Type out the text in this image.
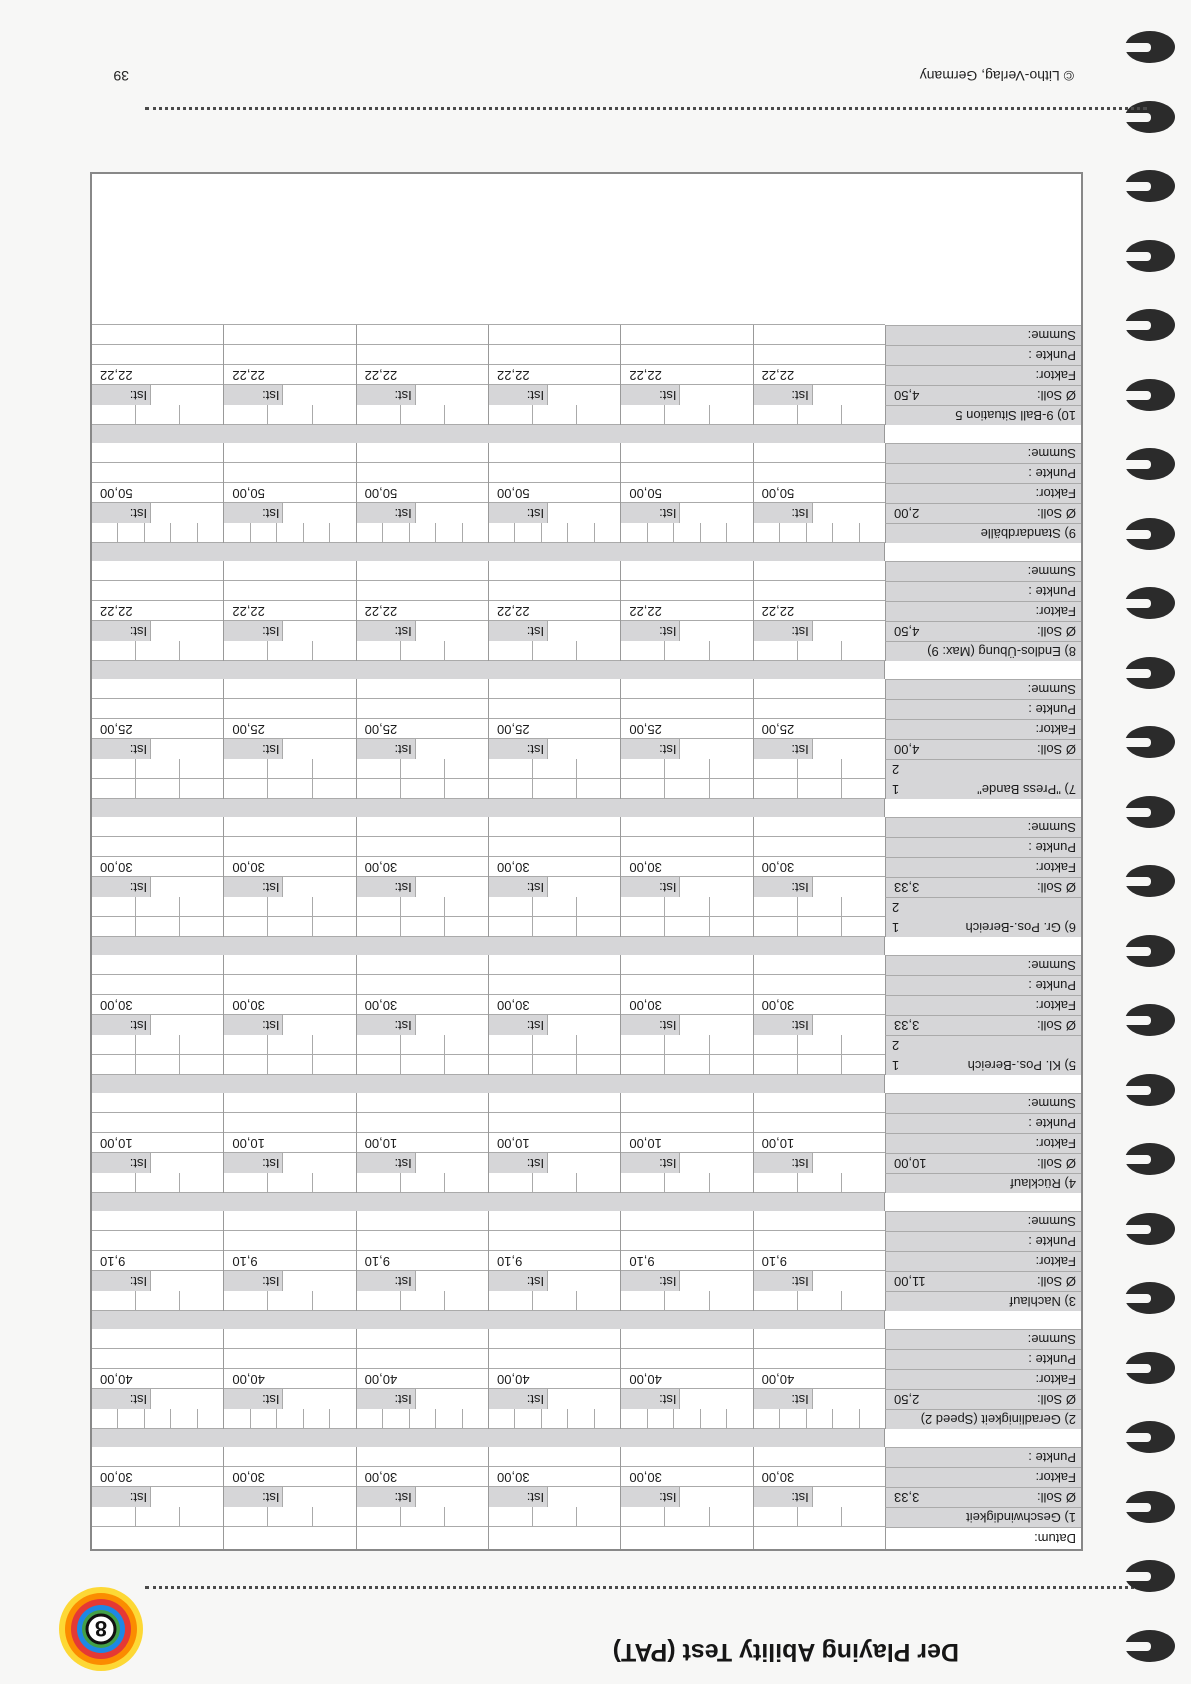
Der Playing Ability Test (PAT)
8
Datum:
1) Geschwindigkeit
Ø Soll:
3,33
Ist:
Ist:
Ist:
Ist:
Ist:
Ist:
Faktor:
30,00
30,00
30,00
30,00
30,00
30,00
Punkte :
2) Geradlinigkeit (Speed 2)
Ø Soll:
2,50
Ist:
Ist:
Ist:
Ist:
Ist:
Ist:
Faktor:
40,00
40,00
40,00
40,00
40,00
40,00
Punkte :
Summe:
3) Nachlauf
Ø Soll:
11,00
Ist:
Ist:
Ist:
Ist:
Ist:
Ist:
Faktor:
9,10
9,10
9,10
9,10
9,10
9,10
Punkte :
Summe:
4) Rücklauf
Ø Soll:
10,00
Ist:
Ist:
Ist:
Ist:
Ist:
Ist:
Faktor:
10,00
10,00
10,00
10,00
10,00
10,00
Punkte :
Summe:
5) Kl. Pos.-Bereich
1
2
Ø Soll:
3,33
Ist:
Ist:
Ist:
Ist:
Ist:
Ist:
Faktor:
30,00
30,00
30,00
30,00
30,00
30,00
Punkte :
Summe:
6) Gr. Pos.-Bereich
1
2
Ø Soll:
3,33
Ist:
Ist:
Ist:
Ist:
Ist:
Ist:
Faktor:
30,00
30,00
30,00
30,00
30,00
30,00
Punkte :
Summe:
7) "Press Bande"
1
2
Ø Soll:
4,00
Ist:
Ist:
Ist:
Ist:
Ist:
Ist:
Faktor:
25,00
25,00
25,00
25,00
25,00
25,00
Punkte :
Summe:
8) Endlos-Übung (Max: 9)
Ø Soll:
4,50
Ist:
Ist:
Ist:
Ist:
Ist:
Ist:
Faktor:
22,22
22,22
22,22
22,22
22,22
22,22
Punkte :
Summe:
9) Standardbälle
Ø Soll:
2,00
Ist:
Ist:
Ist:
Ist:
Ist:
Ist:
Faktor:
50,00
50,00
50,00
50,00
50,00
50,00
Punkte :
Summe:
10) 9-Ball Situation 5
Ø Soll:
4,50
Ist:
Ist:
Ist:
Ist:
Ist:
Ist:
Faktor:
22,22
22,22
22,22
22,22
22,22
22,22
Punkte :
Summe:
© Litho-Verlag, Germany
39
